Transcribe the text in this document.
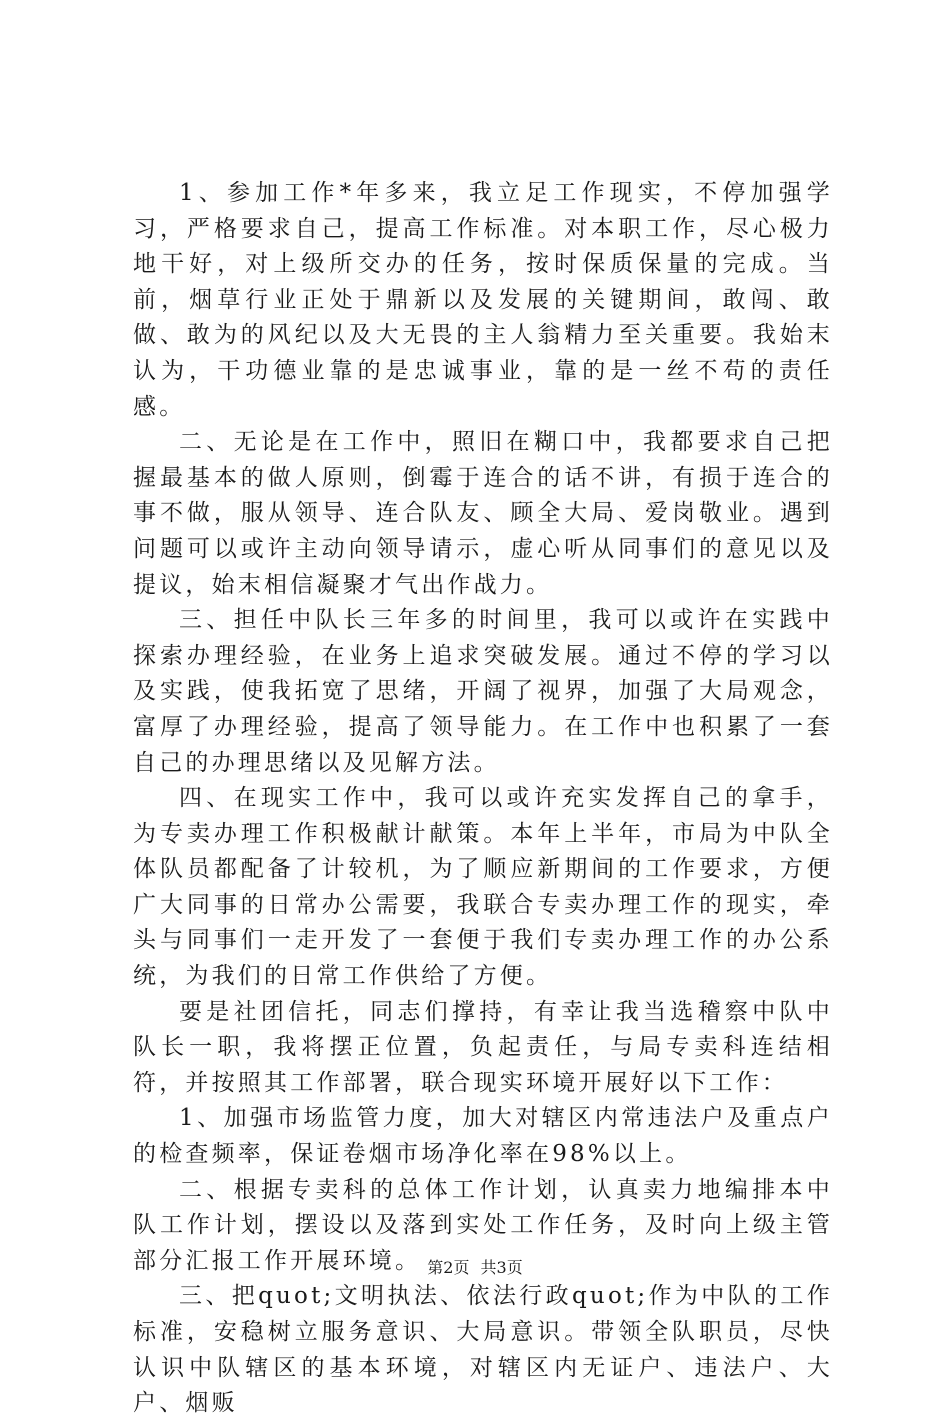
1、参加工作*年多来，我立足工作现实，不停加强学习，严格要求自己，提高工作标准。对本职工作，尽心极力地干好，对上级所交办的任务，按时保质保量的完成。当前，烟草行业正处于鼎新以及发展的关键期间，敢闯、敢做、敢为的风纪以及大无畏的主人翁精力至关重要。我始末认为，干功德业靠的是忠诚事业，靠的是一丝不苟的责任感。

二、无论是在工作中，照旧在糊口中，我都要求自己把握最基本的做人原则，倒霉于连合的话不讲，有损于连合的事不做，服从领导、连合队友、顾全大局、爱岗敬业。遇到问题可以或许主动向领导请示，虚心听从同事们的意见以及提议，始末相信凝聚才气出作战力。

三、担任中队长三年多的时间里，我可以或许在实践中探索办理经验，在业务上追求突破发展。通过不停的学习以及实践，使我拓宽了思绪，开阔了视界，加强了大局观念，富厚了办理经验，提高了领导能力。在工作中也积累了一套自己的办理思绪以及见解方法。

四、在现实工作中，我可以或许充实发挥自己的拿手，为专卖办理工作积极献计献策。本年上半年，市局为中队全体队员都配备了计较机，为了顺应新期间的工作要求，方便广大同事的日常办公需要，我联合专卖办理工作的现实，牵头与同事们一走开发了一套便于我们专卖办理工作的办公系统，为我们的日常工作供给了方便。

要是社团信托，同志们撑持，有幸让我当选稽察中队中队长一职，我将摆正位置，负起责任，与局专卖科连结相符，并按照其工作部署，联合现实环境开展好以下工作：

1、加强市场监管力度，加大对辖区内常违法户及重点户的检查频率，保证卷烟市场净化率在98%以上。

二、根据专卖科的总体工作计划，认真卖力地编排本中队工作计划，摆设以及落到实处工作任务，及时向上级主管部分汇报工作开展环境。

三、把quot;文明执法、依法行政quot;作为中队的工作标准，安稳树立服务意识、大局意识。带领全队职员，尽快认识中队辖区的基本环境，对辖区内无证户、违法户、大户、烟贩

第2页 共3页
